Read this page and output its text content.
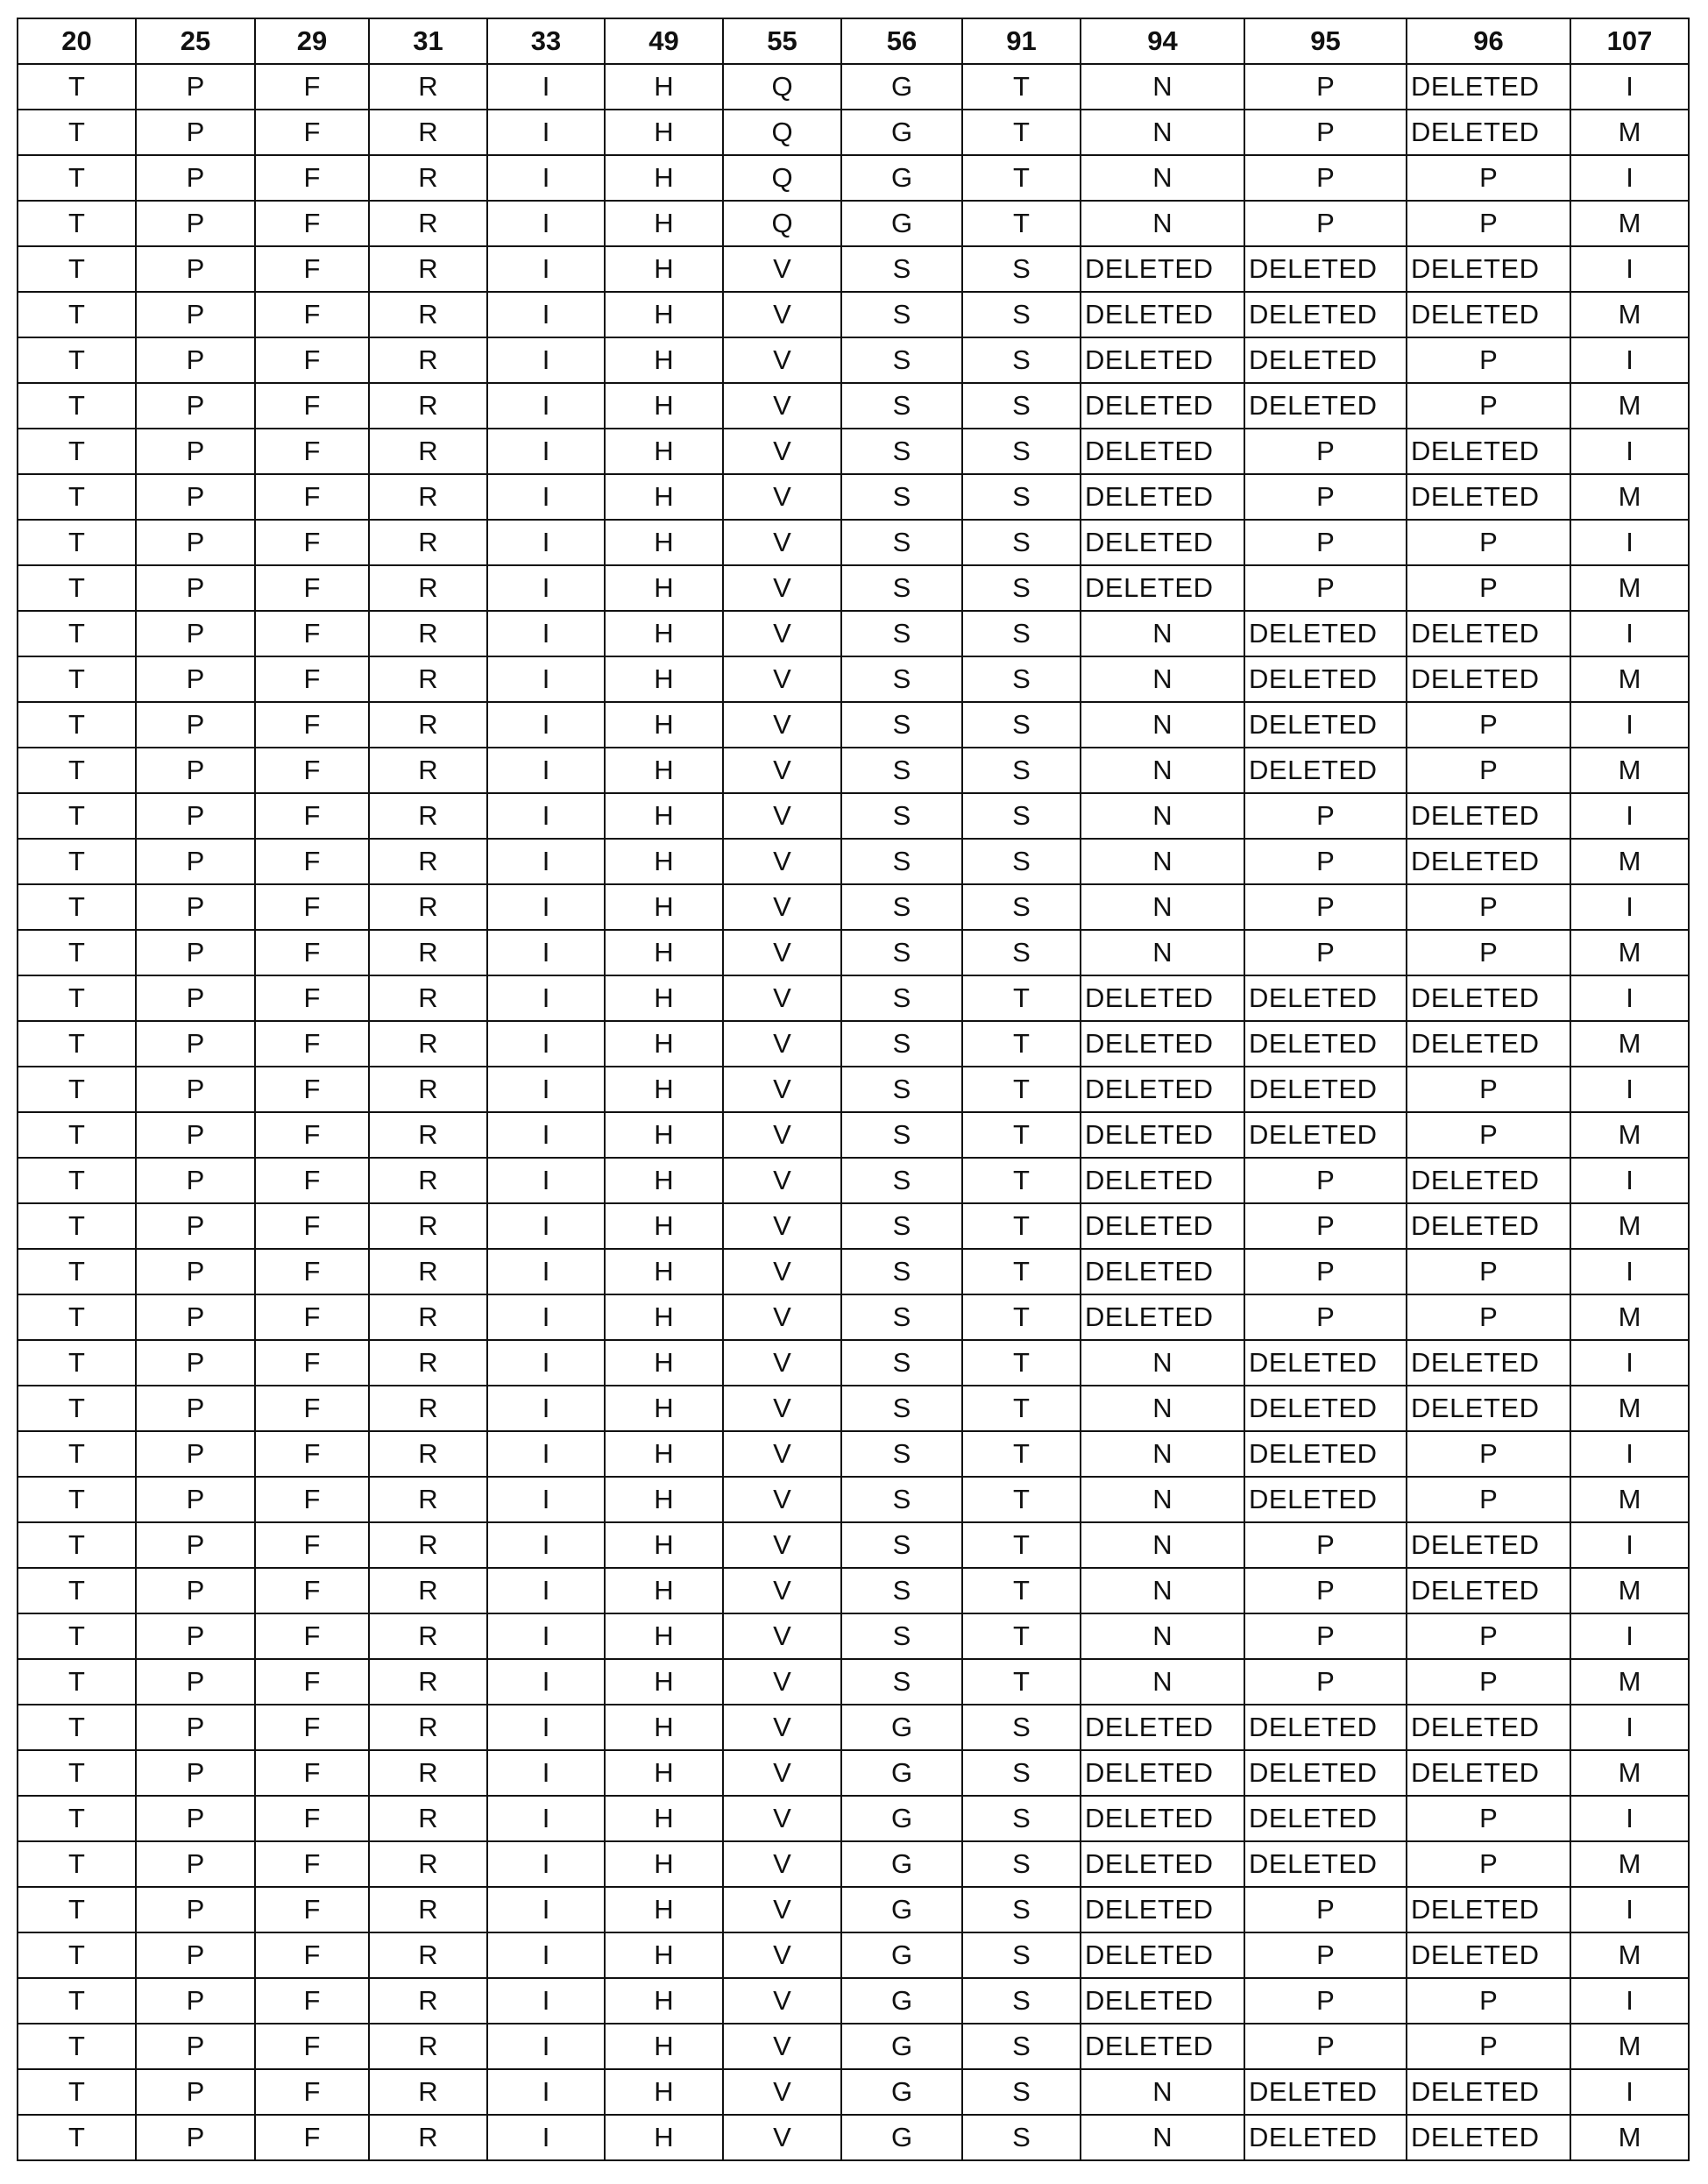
20	25	29	31	33	49	55	56	91	94	95	96	107
T	P	F	R	I	H	Q	G	T	N	P	DELETED	I
T	P	F	R	I	H	Q	G	T	N	P	DELETED	M
T	P	F	R	I	H	Q	G	T	N	P	P	I
T	P	F	R	I	H	Q	G	T	N	P	P	M
T	P	F	R	I	H	V	S	S	DELETED	DELETED	DELETED	I
T	P	F	R	I	H	V	S	S	DELETED	DELETED	DELETED	M
T	P	F	R	I	H	V	S	S	DELETED	DELETED	P	I
T	P	F	R	I	H	V	S	S	DELETED	DELETED	P	M
T	P	F	R	I	H	V	S	S	DELETED	P	DELETED	I
T	P	F	R	I	H	V	S	S	DELETED	P	DELETED	M
T	P	F	R	I	H	V	S	S	DELETED	P	P	I
T	P	F	R	I	H	V	S	S	DELETED	P	P	M
T	P	F	R	I	H	V	S	S	N	DELETED	DELETED	I
T	P	F	R	I	H	V	S	S	N	DELETED	DELETED	M
T	P	F	R	I	H	V	S	S	N	DELETED	P	I
T	P	F	R	I	H	V	S	S	N	DELETED	P	M
T	P	F	R	I	H	V	S	S	N	P	DELETED	I
T	P	F	R	I	H	V	S	S	N	P	DELETED	M
T	P	F	R	I	H	V	S	S	N	P	P	I
T	P	F	R	I	H	V	S	S	N	P	P	M
T	P	F	R	I	H	V	S	T	DELETED	DELETED	DELETED	I
T	P	F	R	I	H	V	S	T	DELETED	DELETED	DELETED	M
T	P	F	R	I	H	V	S	T	DELETED	DELETED	P	I
T	P	F	R	I	H	V	S	T	DELETED	DELETED	P	M
T	P	F	R	I	H	V	S	T	DELETED	P	DELETED	I
T	P	F	R	I	H	V	S	T	DELETED	P	DELETED	M
T	P	F	R	I	H	V	S	T	DELETED	P	P	I
T	P	F	R	I	H	V	S	T	DELETED	P	P	M
T	P	F	R	I	H	V	S	T	N	DELETED	DELETED	I
T	P	F	R	I	H	V	S	T	N	DELETED	DELETED	M
T	P	F	R	I	H	V	S	T	N	DELETED	P	I
T	P	F	R	I	H	V	S	T	N	DELETED	P	M
T	P	F	R	I	H	V	S	T	N	P	DELETED	I
T	P	F	R	I	H	V	S	T	N	P	DELETED	M
T	P	F	R	I	H	V	S	T	N	P	P	I
T	P	F	R	I	H	V	S	T	N	P	P	M
T	P	F	R	I	H	V	G	S	DELETED	DELETED	DELETED	I
T	P	F	R	I	H	V	G	S	DELETED	DELETED	DELETED	M
T	P	F	R	I	H	V	G	S	DELETED	DELETED	P	I
T	P	F	R	I	H	V	G	S	DELETED	DELETED	P	M
T	P	F	R	I	H	V	G	S	DELETED	P	DELETED	I
T	P	F	R	I	H	V	G	S	DELETED	P	DELETED	M
T	P	F	R	I	H	V	G	S	DELETED	P	P	I
T	P	F	R	I	H	V	G	S	DELETED	P	P	M
T	P	F	R	I	H	V	G	S	N	DELETED	DELETED	I
T	P	F	R	I	H	V	G	S	N	DELETED	DELETED	M
